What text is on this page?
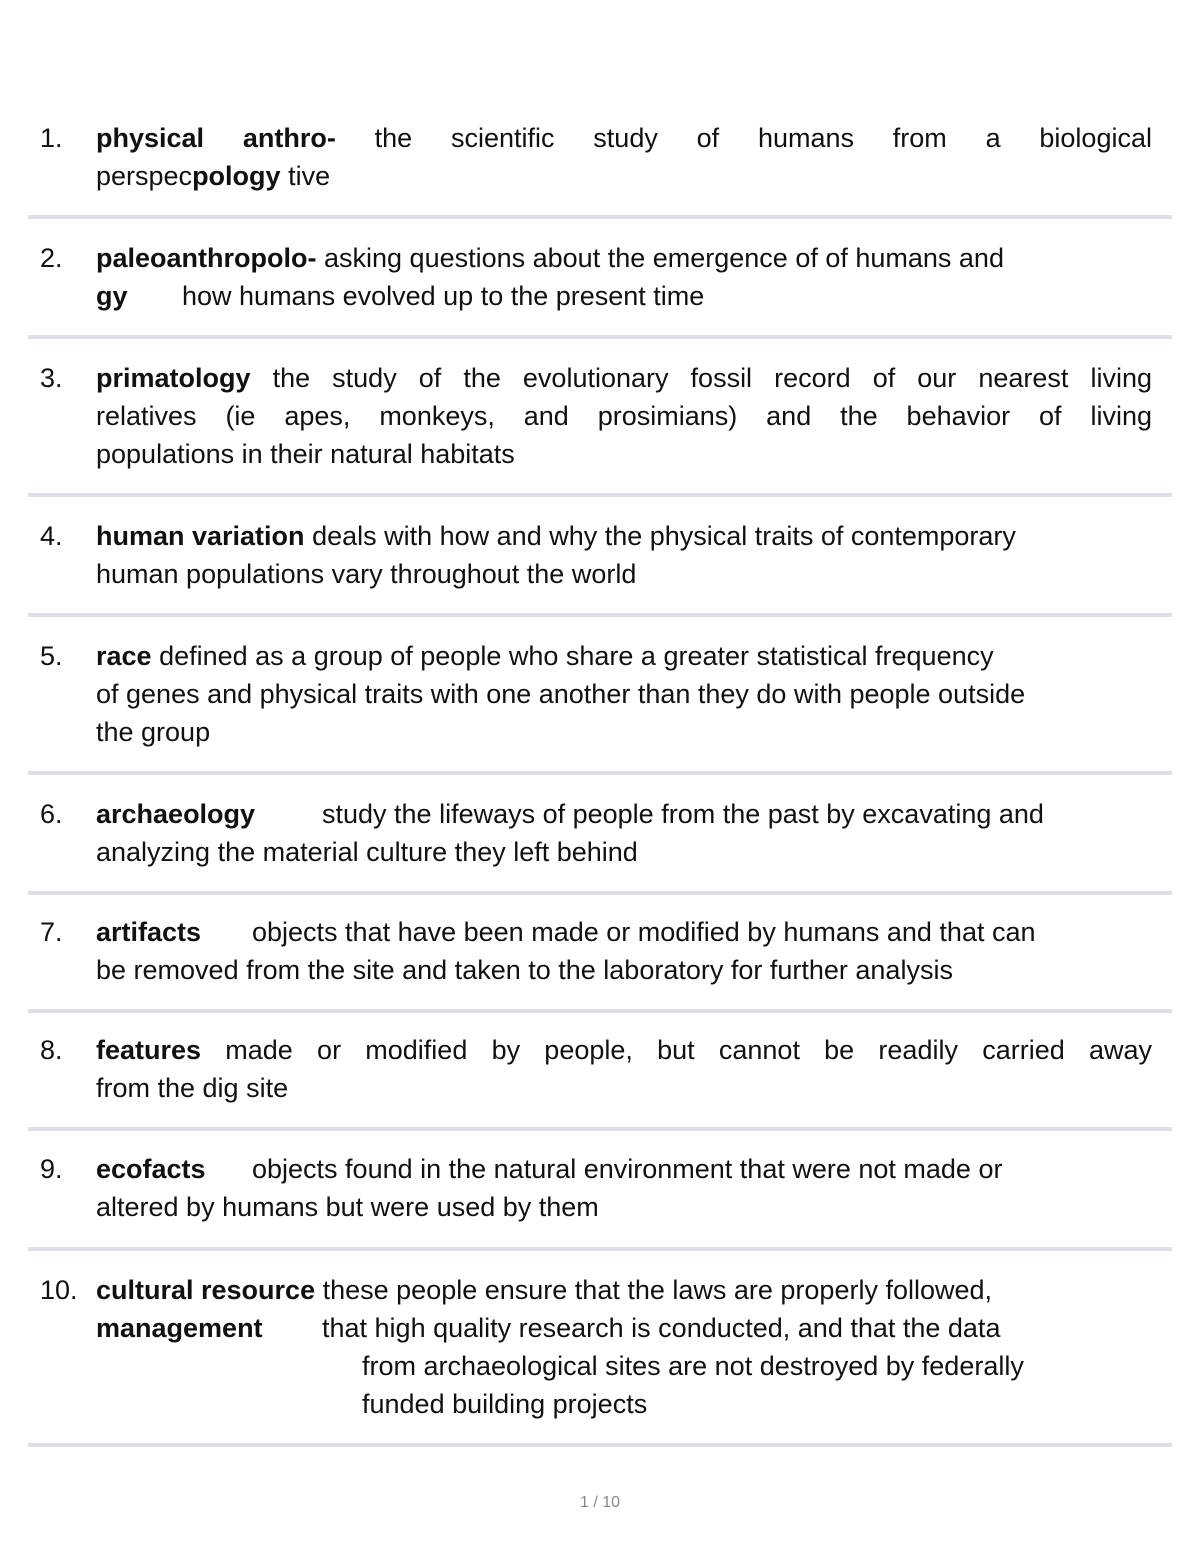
1.	physical anthro- the scientific study of humans from a biological
perspecpology tive
2.	paleoanthropolo- asking questions about the emergence of of humans and
gy how humans evolved up to the present time
3.	primatology the study of the evolutionary fossil record of our nearest living
relatives (ie apes, monkeys, and prosimians) and the behavior of living
populations in their natural habitats
4.	human variation deals with how and why the physical traits of contemporary
human populations vary throughout the world
5.	race defined as a group of people who share a greater statistical frequency
of genes and physical traits with one another than they do with people outside
the group
6.	archaeology study the lifeways of people from the past by excavating and
analyzing the material culture they left behind
7.	artifacts objects that have been made or modified by humans and that can
be removed from the site and taken to the laboratory for further analysis
8.	features made or modified by people, but cannot be readily carried away
from the dig site
9.	ecofacts objects found in the natural environment that were not made or
altered by humans but were used by them
10. cultural resource these people ensure that the laws are properly followed,
management that high quality research is conducted, and that the data
from archaeological sites are not destroyed by federally
funded building projects
1 / 10
